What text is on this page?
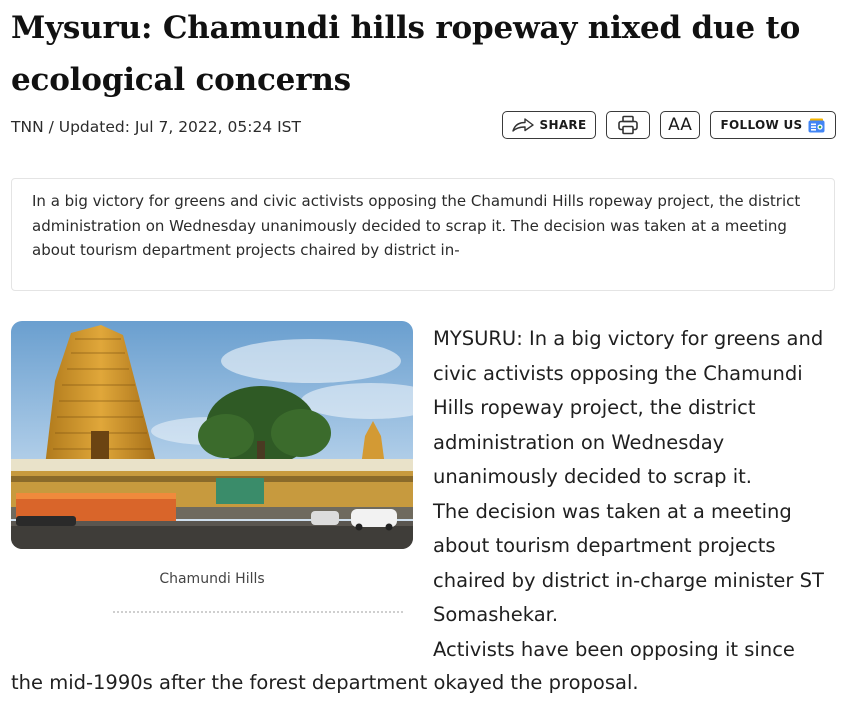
Mysuru: Chamundi hills ropeway nixed due to ecological concerns
TNN / Updated: Jul 7, 2022, 05:24 IST	SHARE	AA	FOLLOW US
In a big victory for greens and civic activists opposing the Chamundi Hills ropeway project, the district administration on Wednesday unanimously decided to scrap it. The decision was taken at a meeting about tourism department projects chaired by district in-
Chamundi Hills

MYSURU: In a big victory for greens and civic activists opposing the Chamundi Hills ropeway project, the district administration on Wednesday unanimously decided to scrap it.

The decision was taken at a meeting about tourism department projects chaired by district in-charge minister ST Somashekar.

Activists have been opposing it since

the mid-1990s after the forest department okayed the proposal.
